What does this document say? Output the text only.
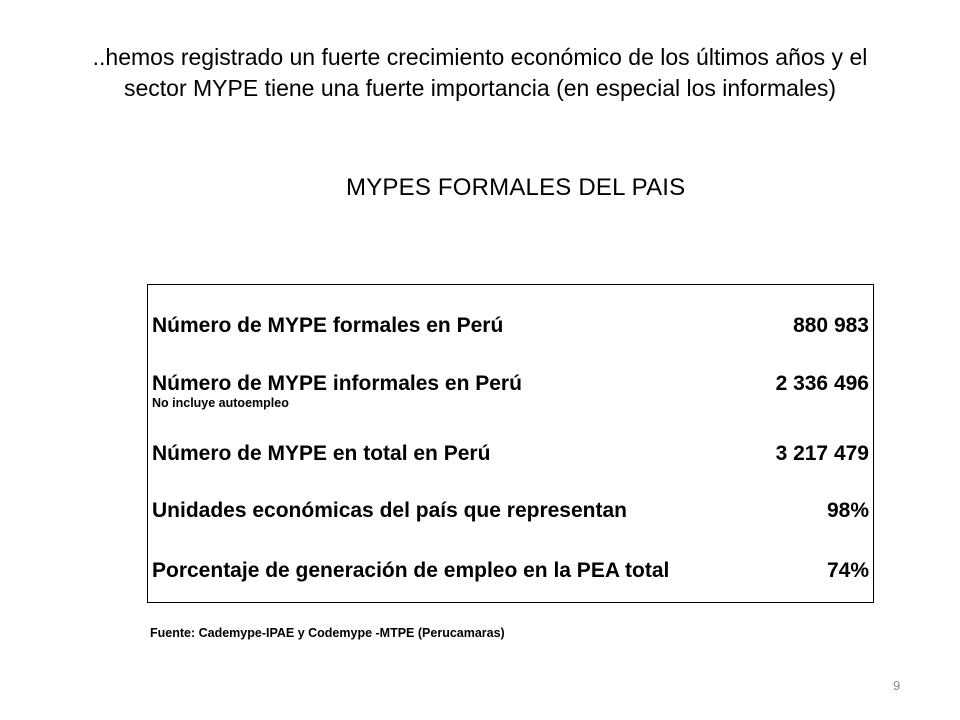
..hemos registrado un fuerte crecimiento económico de los últimos años y el sector MYPE tiene una fuerte importancia (en especial los informales)
MYPES FORMALES DEL PAIS
Número de MYPE formales en Perú	880 983
Número de MYPE informales en Perú	2 336 496
No incluye autoempleo
Número de MYPE en total en Perú	3 217 479
Unidades económicas del país que representan	98%
Porcentaje de generación de empleo en la PEA total	74%
Fuente: Cademype-IPAE y Codemype -MTPE (Perucamaras)
9
